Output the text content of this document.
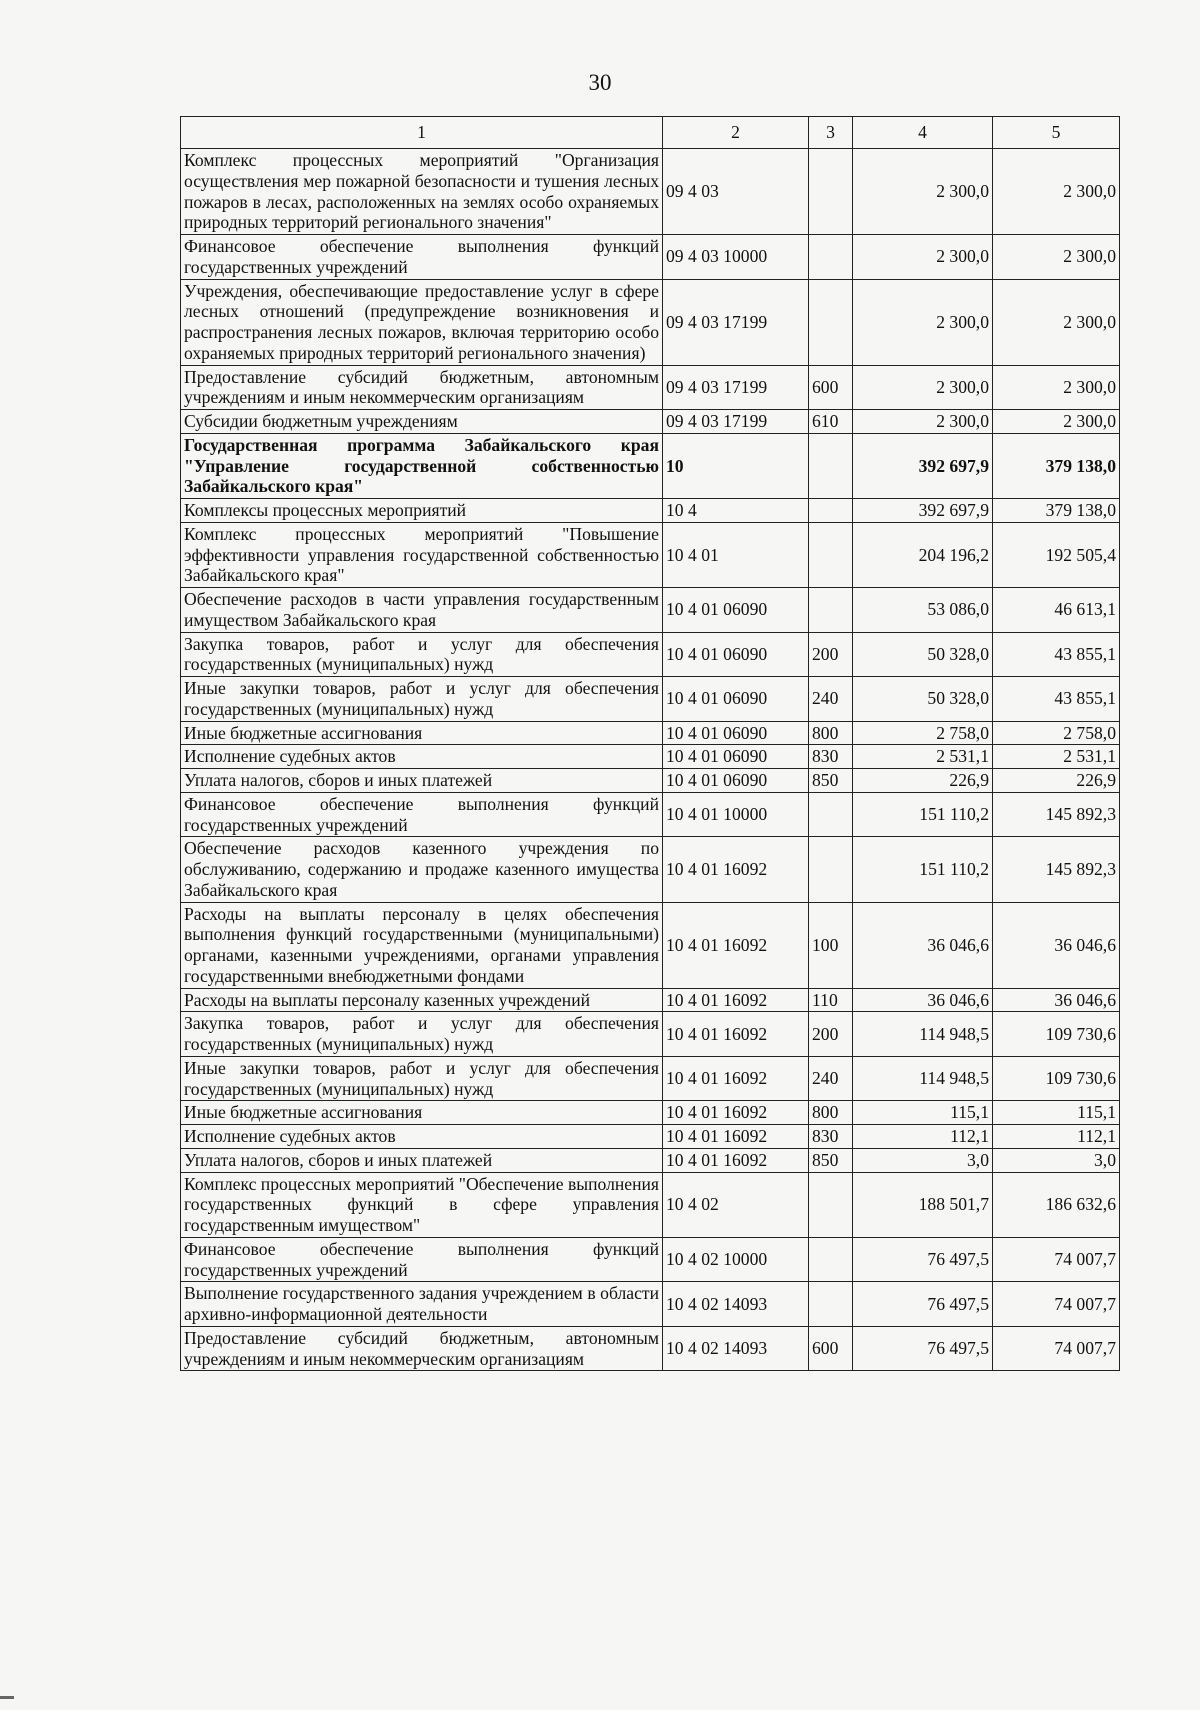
30
1	2	3	4	5
Комплекс процессных мероприятий "Организация осуществления мер пожарной безопасности и тушения лесных пожаров в лесах, расположенных на землях особо охраняемых природных территорий регионального значения"	09 4 03		2 300,0	2 300,0
Финансовое обеспечение выполнения функций государственных учреждений	09 4 03 10000		2 300,0	2 300,0
Учреждения, обеспечивающие предоставление услуг в сфере лесных отношений (предупреждение возникновения и распространения лесных пожаров, включая территорию особо охраняемых природных территорий регионального значения)	09 4 03 17199		2 300,0	2 300,0
Предоставление субсидий бюджетным, автономным учреждениям и иным некоммерческим организациям	09 4 03 17199	600	2 300,0	2 300,0
Субсидии бюджетным учреждениям	09 4 03 17199	610	2 300,0	2 300,0
Государственная программа Забайкальского края "Управление государственной собственностью Забайкальского края"	10		392 697,9	379 138,0
Комплексы процессных мероприятий	10 4		392 697,9	379 138,0
Комплекс процессных мероприятий "Повышение эффективности управления государственной собственностью Забайкальского края"	10 4 01		204 196,2	192 505,4
Обеспечение расходов в части управления государственным имуществом Забайкальского края	10 4 01 06090		53 086,0	46 613,1
Закупка товаров, работ и услуг для обеспечения государственных (муниципальных) нужд	10 4 01 06090	200	50 328,0	43 855,1
Иные закупки товаров, работ и услуг для обеспечения государственных (муниципальных) нужд	10 4 01 06090	240	50 328,0	43 855,1
Иные бюджетные ассигнования	10 4 01 06090	800	2 758,0	2 758,0
Исполнение судебных актов	10 4 01 06090	830	2 531,1	2 531,1
Уплата налогов, сборов и иных платежей	10 4 01 06090	850	226,9	226,9
Финансовое обеспечение выполнения функций государственных учреждений	10 4 01 10000		151 110,2	145 892,3
Обеспечение расходов казенного учреждения по обслуживанию, содержанию и продаже казенного имущества Забайкальского края	10 4 01 16092		151 110,2	145 892,3
Расходы на выплаты персоналу в целях обеспечения выполнения функций государственными (муниципальными) органами, казенными учреждениями, органами управления государственными внебюджетными фондами	10 4 01 16092	100	36 046,6	36 046,6
Расходы на выплаты персоналу казенных учреждений	10 4 01 16092	110	36 046,6	36 046,6
Закупка товаров, работ и услуг для обеспечения государственных (муниципальных) нужд	10 4 01 16092	200	114 948,5	109 730,6
Иные закупки товаров, работ и услуг для обеспечения государственных (муниципальных) нужд	10 4 01 16092	240	114 948,5	109 730,6
Иные бюджетные ассигнования	10 4 01 16092	800	115,1	115,1
Исполнение судебных актов	10 4 01 16092	830	112,1	112,1
Уплата налогов, сборов и иных платежей	10 4 01 16092	850	3,0	3,0
Комплекс процессных мероприятий "Обеспечение выполнения государственных функций в сфере управления государственным имуществом"	10 4 02		188 501,7	186 632,6
Финансовое обеспечение выполнения функций государственных учреждений	10 4 02 10000		76 497,5	74 007,7
Выполнение государственного задания учреждением в области архивно-информационной деятельности	10 4 02 14093		76 497,5	74 007,7
Предоставление субсидий бюджетным, автономным учреждениям и иным некоммерческим организациям	10 4 02 14093	600	76 497,5	74 007,7
